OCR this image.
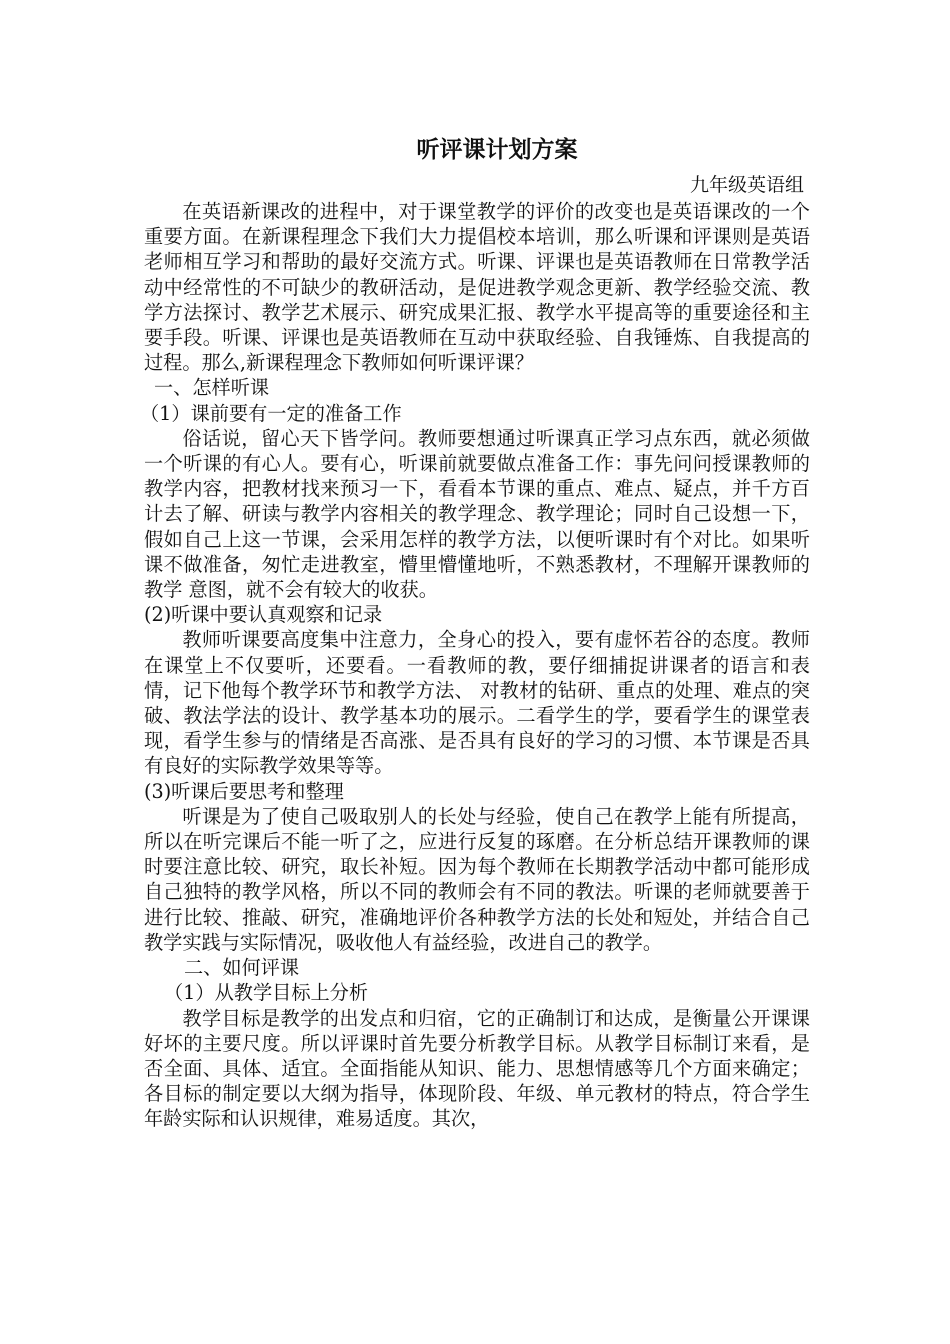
听评课计划方案

九年级英语组

在英语新课改的进程中，对于课堂教学的评价的改变也是英语课改的一个重要方面。在新课程理念下我们大力提倡校本培训，那么听课和评课则是英语老师相互学习和帮助的最好交流方式。听课、评课也是英语教师在日常教学活动中经常性的不可缺少的教研活动，是促进教学观念更新、教学经验交流、教学方法探讨、教学艺术展示、研究成果汇报、教学水平提高等的重要途径和主要手段。听课、评课也是英语教师在互动中获取经验、自我锤炼、自我提高的过程。那么,新课程理念下教师如何听课评课？

一、怎样听课

（1）课前要有一定的准备工作

俗话说，留心天下皆学问。教师要想通过听课真正学习点东西，就必须做一个听课的有心人。要有心，听课前就要做点准备工作：事先问问授课教师的教学内容，把教材找来预习一下，看看本节课的重点、难点、疑点，并千方百计去了解、研读与教学内容相关的教学理念、教学理论；同时自己设想一下，假如自己上这一节课，会采用怎样的教学方法，以便听课时有个对比。如果听课不做准备，匆忙走进教室，懵里懵懂地听，不熟悉教材，不理解开课教师的教学 意图，就不会有较大的收获。

(2)听课中要认真观察和记录

教师听课要高度集中注意力，全身心的投入，要有虚怀若谷的态度。教师在课堂上不仅要听，还要看。一看教师的教，要仔细捕捉讲课者的语言和表情，记下他每个教学环节和教学方法、 对教材的钻研、重点的处理、难点的突破、教法学法的设计、教学基本功的展示。二看学生的学，要看学生的课堂表现，看学生参与的情绪是否高涨、是否具有良好的学习的习惯、本节课是否具有良好的实际教学效果等等。

(3)听课后要思考和整理

听课是为了使自己吸取别人的长处与经验，使自己在教学上能有所提高，所以在听完课后不能一听了之，应进行反复的琢磨。在分析总结开课教师的课时要注意比较、研究，取长补短。因为每个教师在长期教学活动中都可能形成自己独特的教学风格，所以不同的教师会有不同的教法。听课的老师就要善于进行比较、推敲、研究，准确地评价各种教学方法的长处和短处，并结合自己教学实践与实际情况，吸收他人有益经验，改进自己的教学。

二、如何评课

（1）从教学目标上分析

教学目标是教学的出发点和归宿，它的正确制订和达成，是衡量公开课课好坏的主要尺度。所以评课时首先要分析教学目标。从教学目标制订来看，是否全面、具体、适宜。全面指能从知识、能力、思想情感等几个方面来确定；各目标的制定要以大纲为指导，体现阶段、年级、单元教材的特点，符合学生年龄实际和认识规律，难易适度。其次，
